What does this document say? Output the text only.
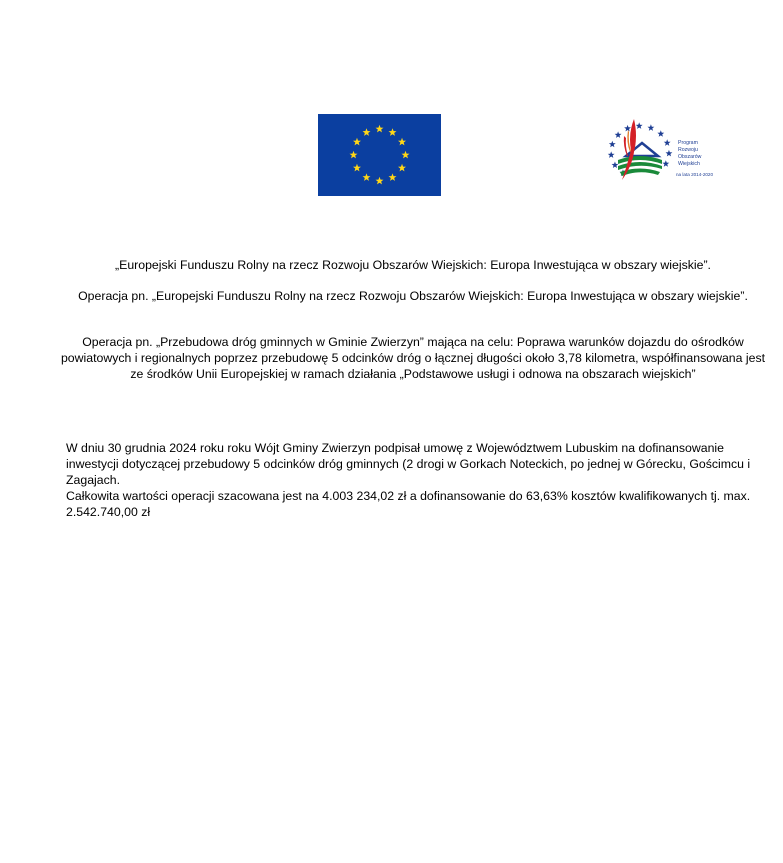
Program
Rozwoju
Obszarów
Wiejskich
na lata 2014-2020
„Europejski Funduszu Rolny na rzecz Rozwoju Obszarów Wiejskich: Europa Inwestująca w obszary wiejskie”.
Operacja pn. „Europejski Funduszu Rolny na rzecz Rozwoju Obszarów Wiejskich: Europa Inwestująca w obszary wiejskie”.
Operacja pn. „Przebudowa dróg gminnych w Gminie Zwierzyn” mająca na celu: Poprawa warunków dojazdu do ośrodków powiatowych i regionalnych poprzez przebudowę 5 odcinków dróg o łącznej długości około 3,78 kilometra, współfinansowana jest ze środków Unii Europejskiej w ramach działania „Podstawowe usługi i odnowa na obszarach wiejskich”
W dniu 30 grudnia 2024 roku roku Wójt Gminy Zwierzyn podpisał umowę z Województwem Lubuskim na dofinansowanie inwestycji dotyczącej przebudowy 5 odcinków dróg gminnych (2 drogi w Gorkach Noteckich, po jednej w Górecku, Gościmcu i Zagajach.
Całkowita wartości operacji szacowana jest na 4.003 234,02 zł a dofinansowanie do 63,63% kosztów kwalifikowanych tj. max. 2.542.740,00 zł
